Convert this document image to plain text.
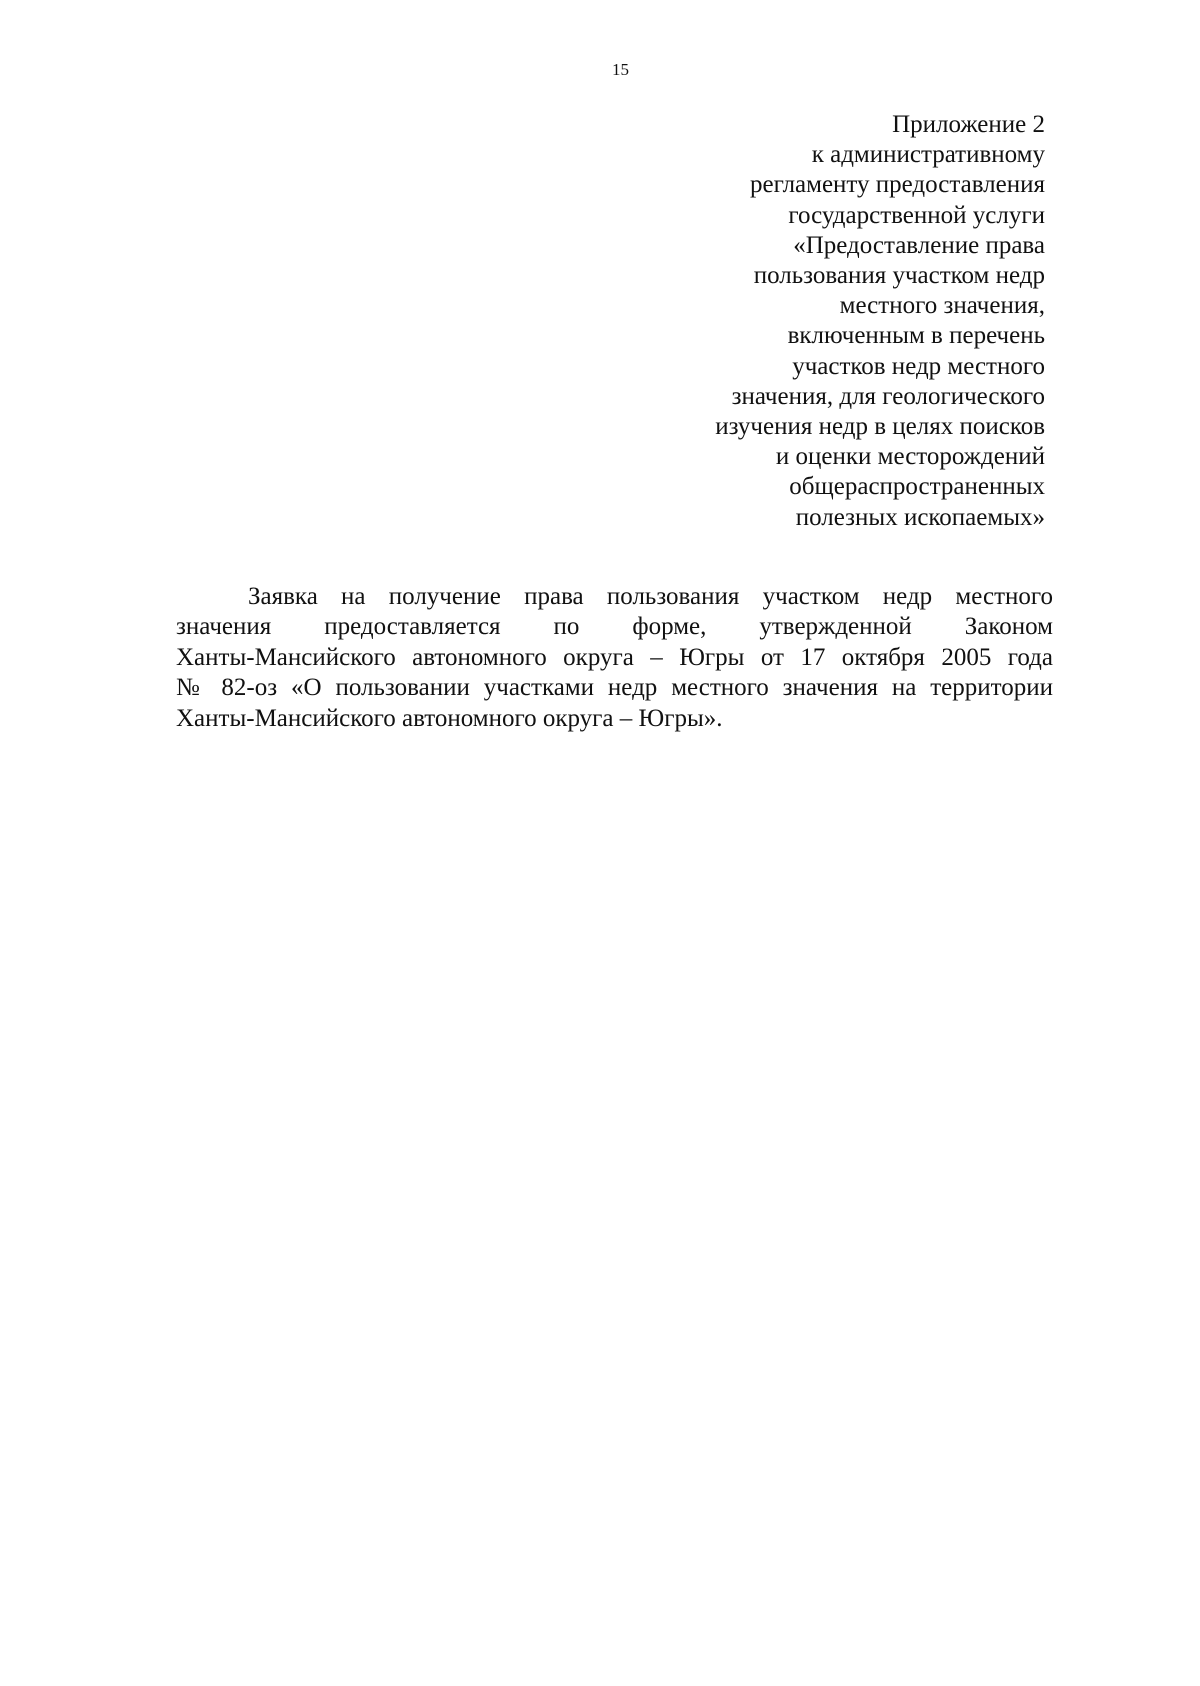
15
Приложение 2
к административному
регламенту предоставления
государственной услуги
«Предоставление права
пользования участком недр
местного значения,
включенным в перечень
участков недр местного
значения, для геологического
изучения недр в целях поисков
и оценки месторождений
общераспространенных
полезных ископаемых»
Заявка на получение права пользования участком недр местного
значения предоставляется по форме, утвержденной Законом
Ханты-Мансийского автономного округа – Югры от 17 октября 2005 года
№ 82-оз «О пользовании участками недр местного значения на территории
Ханты-Мансийского автономного округа – Югры».
